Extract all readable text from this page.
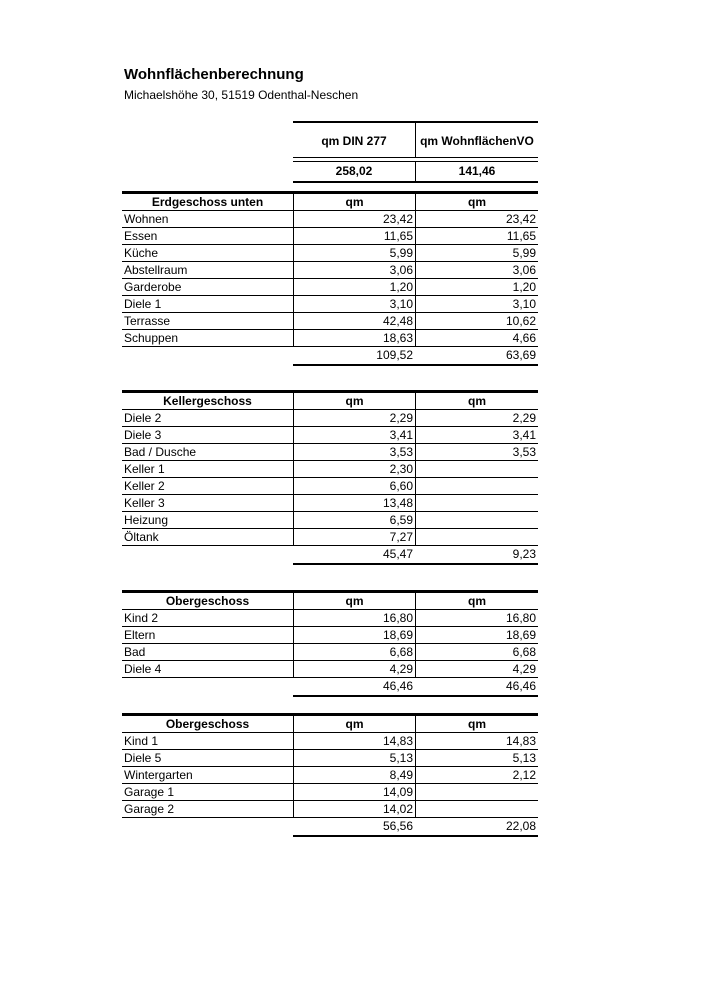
Wohnflächenberechnung
Michaelshöhe 30, 51519 Odenthal-Neschen
qm DIN 277	qm WohnflächenVO
258,02	141,46
Erdgeschoss unten	qm	qm
Wohnen	23,42	23,42
Essen	11,65	11,65
Küche	5,99	5,99
Abstellraum	3,06	3,06
Garderobe	1,20	1,20
Diele 1	3,10	3,10
Terrasse	42,48	10,62
Schuppen	18,63	4,66
109,52	63,69
Kellergeschoss	qm	qm
Diele 2	2,29	2,29
Diele 3	3,41	3,41
Bad / Dusche	3,53	3,53
Keller 1	2,30
Keller 2	6,60
Keller 3	13,48
Heizung	6,59
Öltank	7,27
45,47	9,23
Obergeschoss	qm	qm
Kind 2	16,80	16,80
Eltern	18,69	18,69
Bad	6,68	6,68
Diele 4	4,29	4,29
46,46	46,46
Obergeschoss	qm	qm
Kind 1	14,83	14,83
Diele 5	5,13	5,13
Wintergarten	8,49	2,12
Garage 1	14,09
Garage 2	14,02
56,56	22,08
